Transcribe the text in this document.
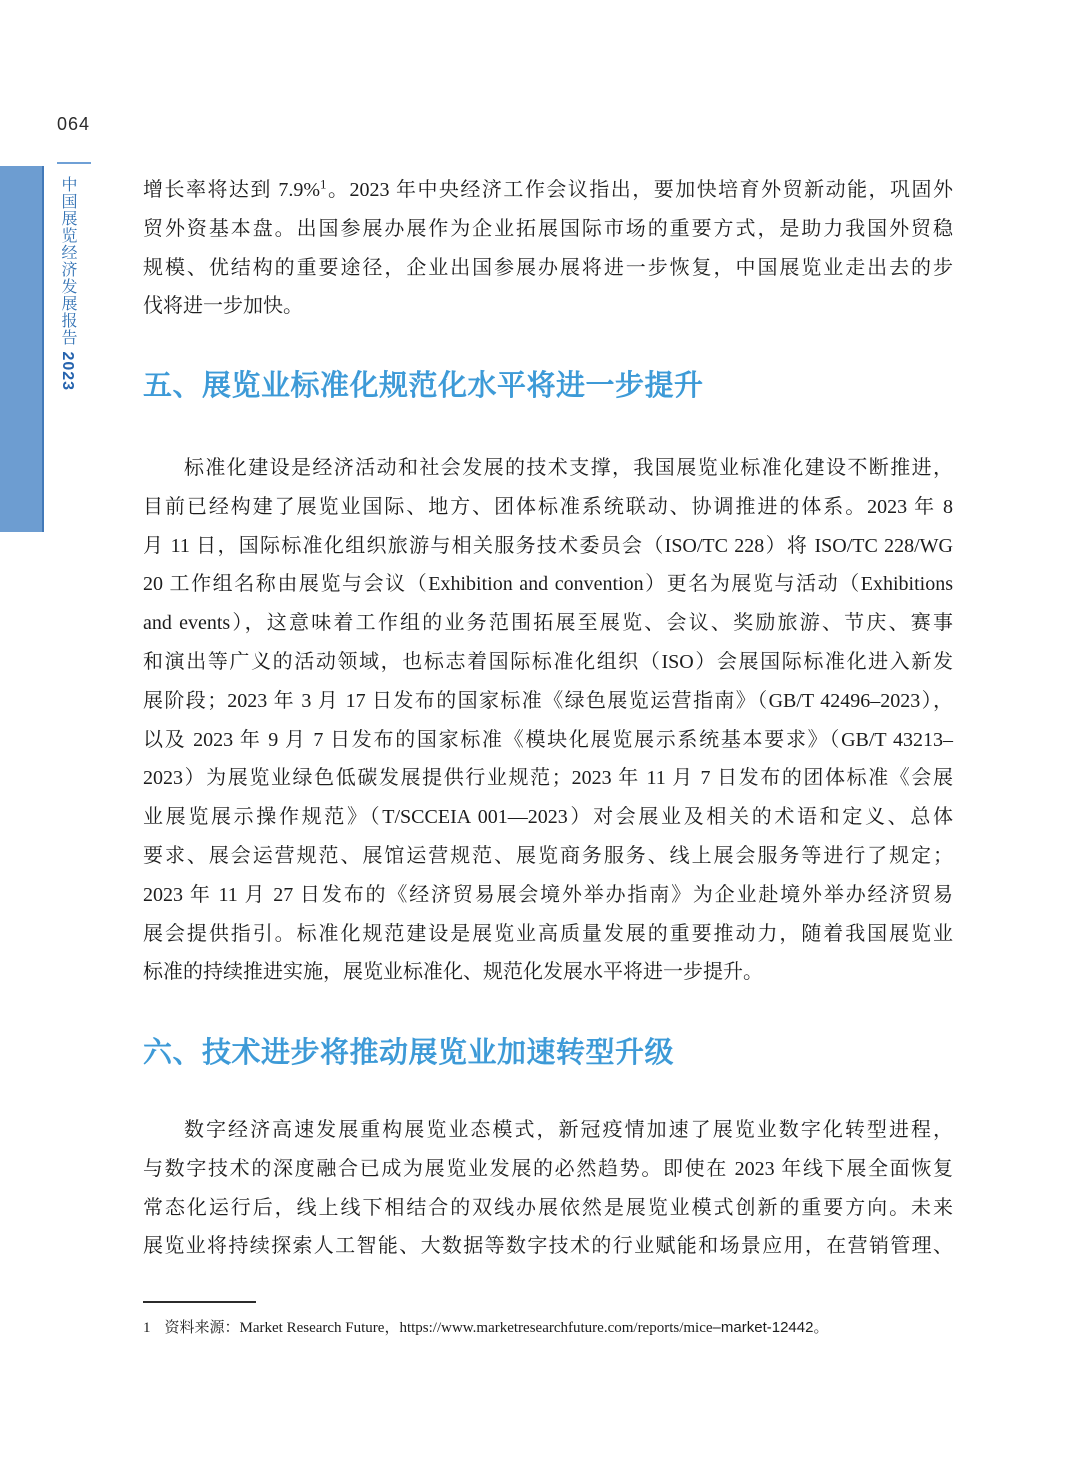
064
中国展览经济发展报告 2023

增长率将达到 7.9%$^1$。2023 年中央经济工作会议指出，要加快培育外贸新动能，巩固外

贸外资基本盘。出国参展办展作为企业拓展国际市场的重要方式，是助力我国外贸稳

规模、优结构的重要途径，企业出国参展办展将进一步恢复，中国展览业走出去的步

伐将进一步加快。

五、展览业标准化规范化水平将进一步提升

标准化建设是经济活动和社会发展的技术支撑，我国展览业标准化建设不断推进，

目前已经构建了展览业国际、地方、团体标准系统联动、协调推进的体系。2023 年 8

月 11 日，国际标准化组织旅游与相关服务技术委员会（ISO/TC 228）将 ISO/TC 228/WG

20 工作组名称由展览与会议（Exhibition and convention）更名为展览与活动（Exhibitions

and events），这意味着工作组的业务范围拓展至展览、会议、奖励旅游、节庆、赛事

和演出等广义的活动领域，也标志着国际标准化组织（ISO）会展国际标准化进入新发

展阶段；2023 年 3 月 17 日发布的国家标准《绿色展览运营指南》（GB/T 42496–2023），

以及 2023 年 9 月 7 日发布的国家标准《模块化展览展示系统基本要求》（GB/T 43213–

2023）为展览业绿色低碳发展提供行业规范；2023 年 11 月 7 日发布的团体标准《会展

业展览展示操作规范》（T/SCCEIA 001—2023）对会展业及相关的术语和定义、总体

要求、展会运营规范、展馆运营规范、展览商务服务、线上展会服务等进行了规定；

2023 年 11 月 27 日发布的《经济贸易展会境外举办指南》为企业赴境外举办经济贸易

展会提供指引。标准化规范建设是展览业高质量发展的重要推动力，随着我国展览业

标准的持续推进实施，展览业标准化、规范化发展水平将进一步提升。

六、技术进步将推动展览业加速转型升级

数字经济高速发展重构展览业态模式，新冠疫情加速了展览业数字化转型进程，

与数字技术的深度融合已成为展览业发展的必然趋势。即使在 2023 年线下展全面恢复

常态化运行后，线上线下相结合的双线办展依然是展览业模式创新的重要方向。未来

展览业将持续探索人工智能、大数据等数字技术的行业赋能和场景应用，在营销管理、

1 资料来源：Market Research Future，https://www.marketresearchfuture.com/reports/mice–market-12442。
